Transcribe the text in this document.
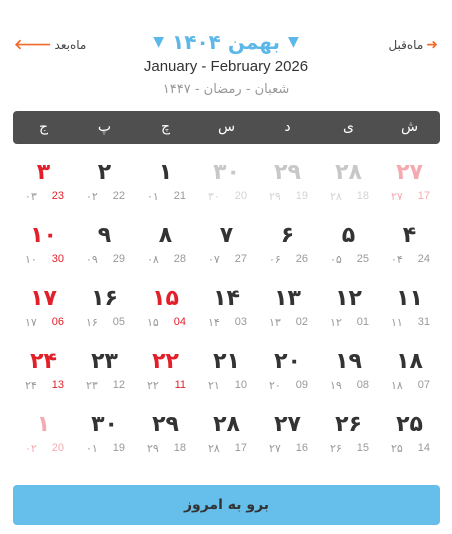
➜
ماه‌قبل
▼
بهمن ۱۴۰۴
▼
ماه‌بعد
🡐
January - February 2026
شعبان - رمضان - ۱۴۴۷
ش
ی
د
س
چ
پ
ج
۲۷
۲۷ 17
۲۸
۲۸ 18
۲۹
۲۹ 19
۳۰
۳۰ 20
۱
۰۱ 21
۲
۰۲ 22
۳
۰۳ 23
۴
۰۴ 24
۵
۰۵ 25
۶
۰۶ 26
۷
۰۷ 27
۸
۰۸ 28
۹
۰۹ 29
۱۰
۱۰ 30
۱۱
۱۱ 31
۱۲
۱۲ 01
۱۳
۱۳ 02
۱۴
۱۴ 03
۱۵
۱۵ 04
۱۶
۱۶ 05
۱۷
۱۷ 06
۱۸
۱۸ 07
۱۹
۱۹ 08
۲۰
۲۰ 09
۲۱
۲۱ 10
۲۲
۲۲ 11
۲۳
۲۳ 12
۲۴
۲۴ 13
۲۵
۲۵ 14
۲۶
۲۶ 15
۲۷
۲۷ 16
۲۸
۲۸ 17
۲۹
۲۹ 18
۳۰
۰۱ 19
۱
۰۲ 20
برو به امروز
